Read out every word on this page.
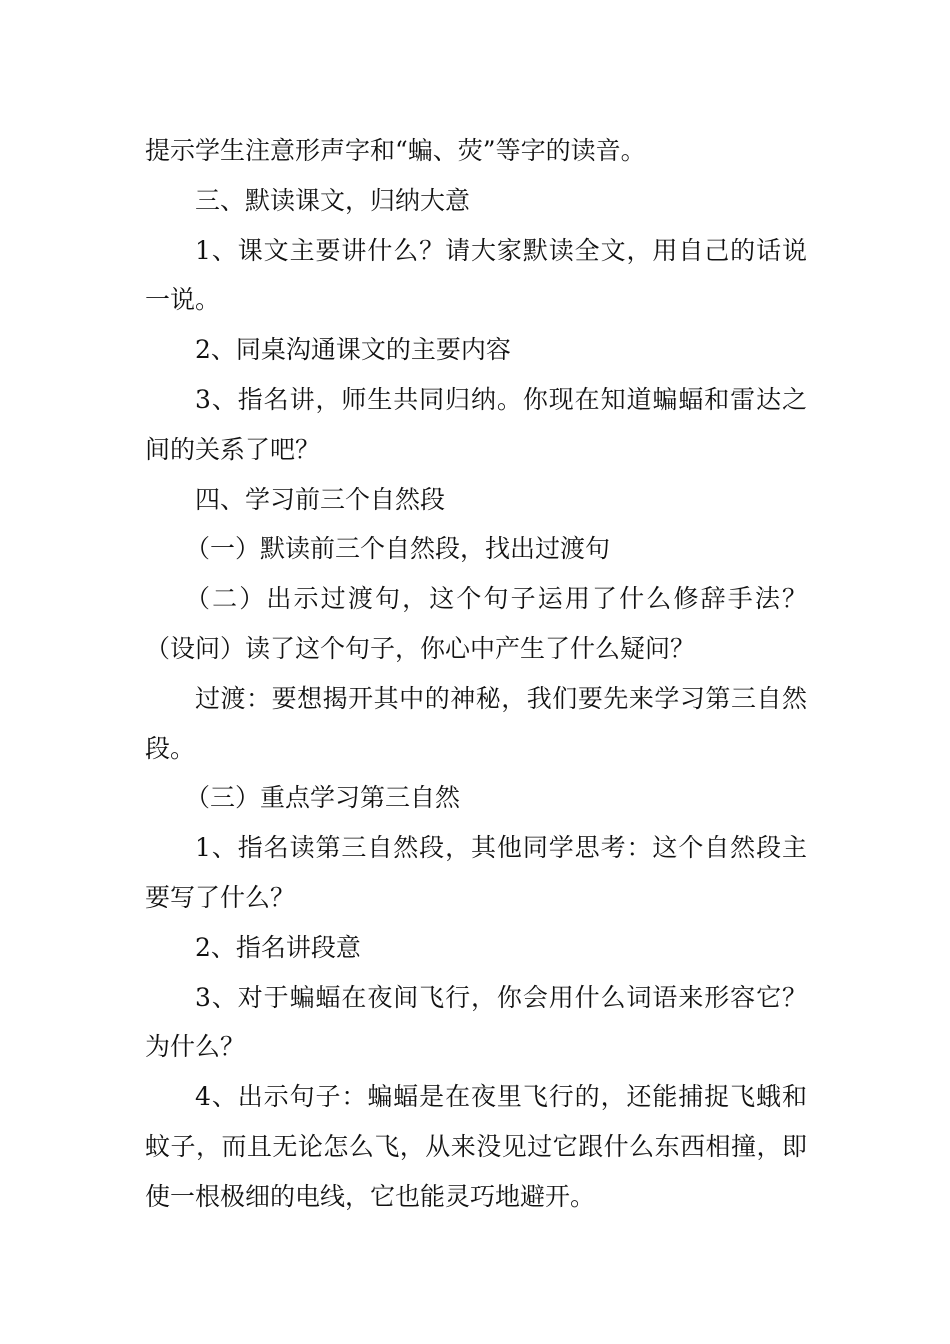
提示学生注意形声字和“蝙、荧”等字的读音。

三、默读课文，归纳大意

1、课文主要讲什么？请大家默读全文，用自己的话说一说。

2、同桌沟通课文的主要内容

3、指名讲，师生共同归纳。你现在知道蝙蝠和雷达之间的关系了吧？

四、学习前三个自然段

（一）默读前三个自然段，找出过渡句

（二）出示过渡句，这个句子运用了什么修辞手法？（设问）读了这个句子，你心中产生了什么疑问？

过渡：要想揭开其中的神秘，我们要先来学习第三自然段。

（三）重点学习第三自然

1、指名读第三自然段，其他同学思考：这个自然段主要写了什么？

2、指名讲段意

3、对于蝙蝠在夜间飞行，你会用什么词语来形容它？为什么？

4、出示句子：蝙蝠是在夜里飞行的，还能捕捉飞蛾和蚊子，而且无论怎么飞，从来没见过它跟什么东西相撞，即使一根极细的电线，它也能灵巧地避开。
